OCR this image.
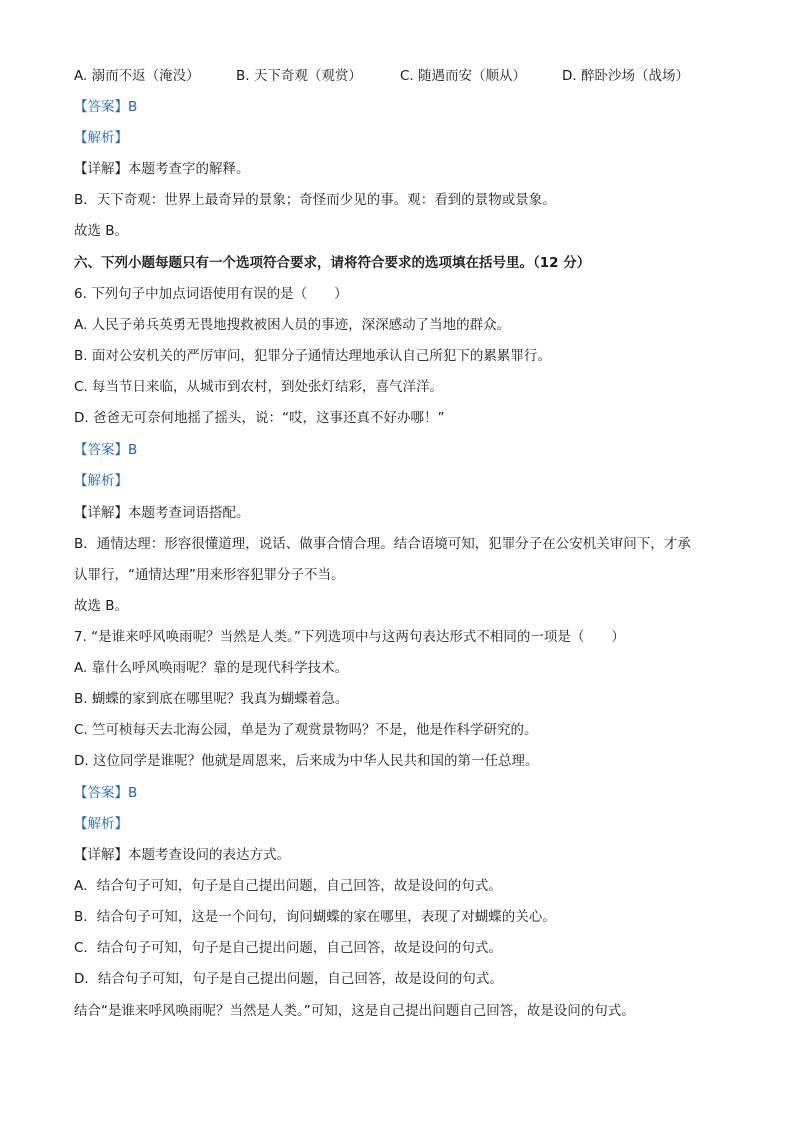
A. 溺而不返（淹没）	B. 天下奇观（观赏）	C. 随遇而安（顺从）	D. 醉卧沙场（战场）
【答案】B
【解析】
【详解】本题考查字的解释。
B．天下奇观：世界上最奇异的景象；奇怪而少见的事。观：看到的景物或景象。
故选 B。
六、下列小题每题只有一个选项符合要求，请将符合要求的选项填在括号里。（12 分）
6. 下列句子中加点词语使用有误的是（　　）
A. 人民子弟兵英勇无畏地搜救被困人员的事迹，深深感动了当地的群众。
B. 面对公安机关的严厉审问，犯罪分子通情达理地承认自己所犯下的累累罪行。
C. 每当节日来临，从城市到农村，到处张灯结彩，喜气洋洋。
D. 爸爸无可奈何地摇了摇头，说：“哎，这事还真不好办哪！”
【答案】B
【解析】
【详解】本题考查词语搭配。
B．通情达理：形容很懂道理，说话、做事合情合理。结合语境可知，犯罪分子在公安机关审问下，才承
认罪行，“通情达理”用来形容犯罪分子不当。
故选 B。
7. “是谁来呼风唤雨呢？当然是人类。”下列选项中与这两句表达形式不相同的一项是（　　）
A. 靠什么呼风唤雨呢？靠的是现代科学技术。
B. 蝴蝶的家到底在哪里呢？我真为蝴蝶着急。
C. 竺可桢每天去北海公园，单是为了观赏景物吗？不是，他是作科学研究的。
D. 这位同学是谁呢？他就是周恩来，后来成为中华人民共和国的第一任总理。
【答案】B
【解析】
【详解】本题考查设问的表达方式。
A．结合句子可知，句子是自己提出问题，自己回答，故是设问的句式。
B．结合句子可知，这是一个问句，询问蝴蝶的家在哪里，表现了对蝴蝶的关心。
C．结合句子可知，句子是自己提出问题，自己回答，故是设问的句式。
D．结合句子可知，句子是自己提出问题，自己回答，故是设问的句式。
结合“是谁来呼风唤雨呢？当然是人类。”可知，这是自己提出问题自己回答，故是设问的句式。
